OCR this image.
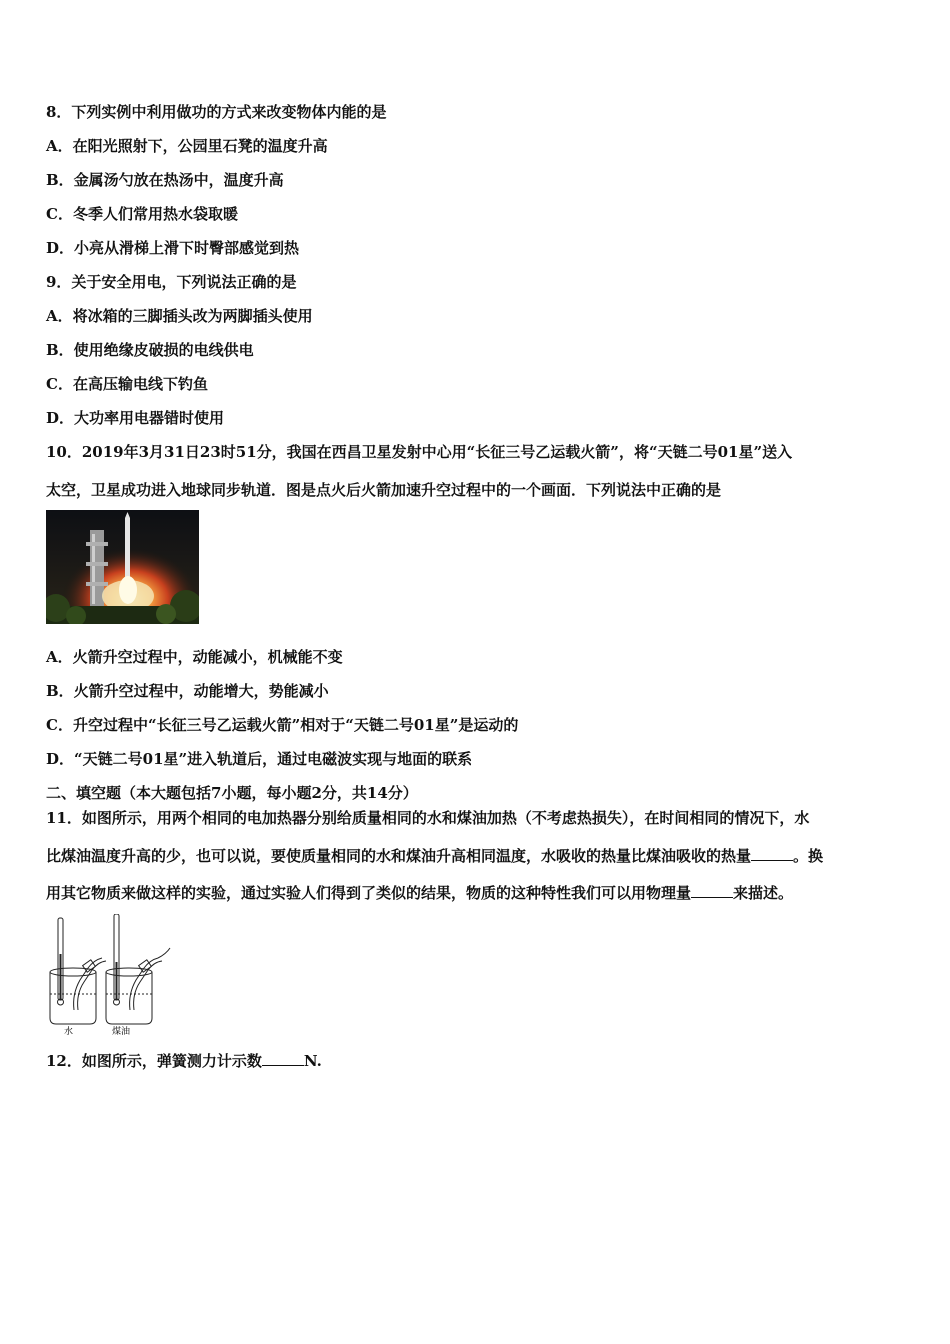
8．下列实例中利用做功的方式来改变物体内能的是
A．在阳光照射下，公园里石凳的温度升高
B．金属汤勺放在热汤中，温度升高
C．冬季人们常用热水袋取暖
D．小亮从滑梯上滑下时臀部感觉到热
9．关于安全用电，下列说法正确的是
A．将冰箱的三脚插头改为两脚插头使用
B．使用绝缘皮破损的电线供电
C．在高压输电线下钓鱼
D．大功率用电器错时使用
10．2019年3月31日23时51分，我国在西昌卫星发射中心用“长征三号乙运载火箭”，将“天链二号01星”送入
太空，卫星成功进入地球同步轨道．图是点火后火箭加速升空过程中的一个画面．下列说法中正确的是
A．火箭升空过程中，动能减小，机械能不变
B．火箭升空过程中，动能增大，势能减小
C．升空过程中“长征三号乙运载火箭”相对于“天链二号01星”是运动的
D．“天链二号01星”进入轨道后，通过电磁波实现与地面的联系
二、填空题（本大题包括7小题，每小题2分，共14分）
11．如图所示，用两个相同的电加热器分别给质量相同的水和煤油加热（不考虑热损失），在时间相同的情况下，水
比煤油温度升高的少，也可以说，要使质量相同的水和煤油升高相同温度，水吸收的热量比煤油吸收的热量	。换
用其它物质来做这样的实验，通过实验人们得到了类似的结果，物质的这种特性我们可以用物理量	来描述。
水	煤油
12．如图所示，弹簧测力计示数	N.
